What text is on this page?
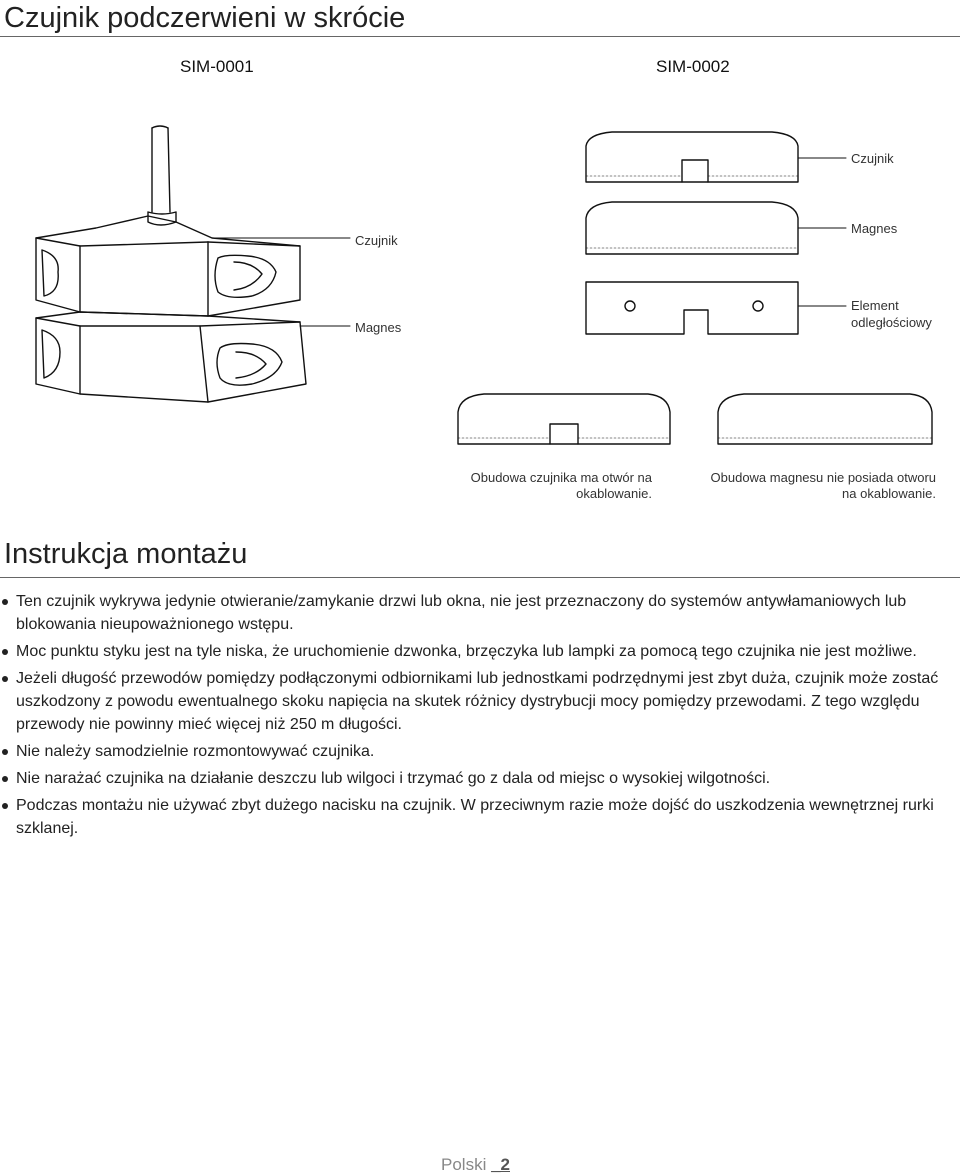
Czujnik podczerwieni w skrócie
SIM-0001	SIM-0002
Czujnik
Magnes
Czujnik
Magnes
Element
odległościowy
Obudowa czujnika ma otwór na
okablowanie.
Obudowa magnesu nie posiada otworu
na okablowanie.
Instrukcja montażu
Ten czujnik wykrywa jedynie otwieranie/zamykanie drzwi lub okna, nie jest przeznaczony do systemów antywłamaniowych lub blokowania nieupoważnionego wstępu.
Moc punktu styku jest na tyle niska, że uruchomienie dzwonka, brzęczyka lub lampki za pomocą tego czujnika nie jest możliwe.
Jeżeli długość przewodów pomiędzy podłączonymi odbiornikami lub jednostkami podrzędnymi jest zbyt duża, czujnik może zostać uszkodzony z powodu ewentualnego skoku napięcia na skutek różnicy dystrybucji mocy pomiędzy przewodami. Z tego względu przewody nie powinny mieć więcej niż 250 m długości.
Nie należy samodzielnie rozmontowywać czujnika.
Nie narażać czujnika na działanie deszczu lub wilgoci i trzymać go z dala od miejsc o wysokiej wilgotności.
Podczas montażu nie używać zbyt dużego nacisku na czujnik. W przeciwnym razie może dojść do uszkodzenia wewnętrznej rurki szklanej.
Polski _2
